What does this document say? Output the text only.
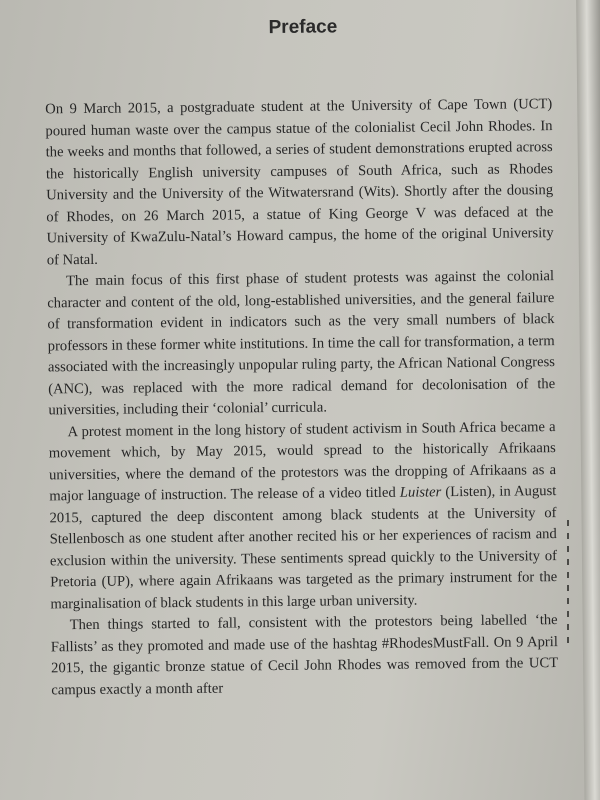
Preface

On 9 March 2015, a postgraduate student at the University of Cape Town (UCT) poured human waste over the campus statue of the colonialist Cecil John Rhodes. In the weeks and months that followed, a series of student demonstrations erupted across the historically English university campuses of South Africa, such as Rhodes University and the University of the Witwatersrand (Wits). Shortly after the dousing of Rhodes, on 26 March 2015, a statue of King George V was defaced at the University of KwaZulu-Natal’s Howard campus, the home of the original University of Natal.

The main focus of this first phase of student protests was against the colonial character and content of the old, long-established universities, and the general failure of transformation evident in indicators such as the very small numbers of black professors in these former white institutions. In time the call for transformation, a term associated with the increasingly unpopular ruling party, the African National Congress (ANC), was replaced with the more radical demand for decolonisation of the universities, including their ‘colonial’ curricula.

A protest moment in the long history of student activism in South Africa became a movement which, by May 2015, would spread to the historically Afrikaans universities, where the demand of the protestors was the dropping of Afrikaans as a major language of instruction. The release of a video titled Luister (Listen), in August 2015, captured the deep discontent among black students at the University of Stellenbosch as one student after another recited his or her experiences of racism and exclusion within the university. These sentiments spread quickly to the University of Pretoria (UP), where again Afrikaans was targeted as the primary instrument for the marginalisation of black students in this large urban university.

Then things started to fall, consistent with the protestors being labelled ‘the Fallists’ as they promoted and made use of the hashtag #RhodesMustFall. On 9 April 2015, the gigantic bronze statue of Cecil John Rhodes was removed from the UCT campus exactly a month after
